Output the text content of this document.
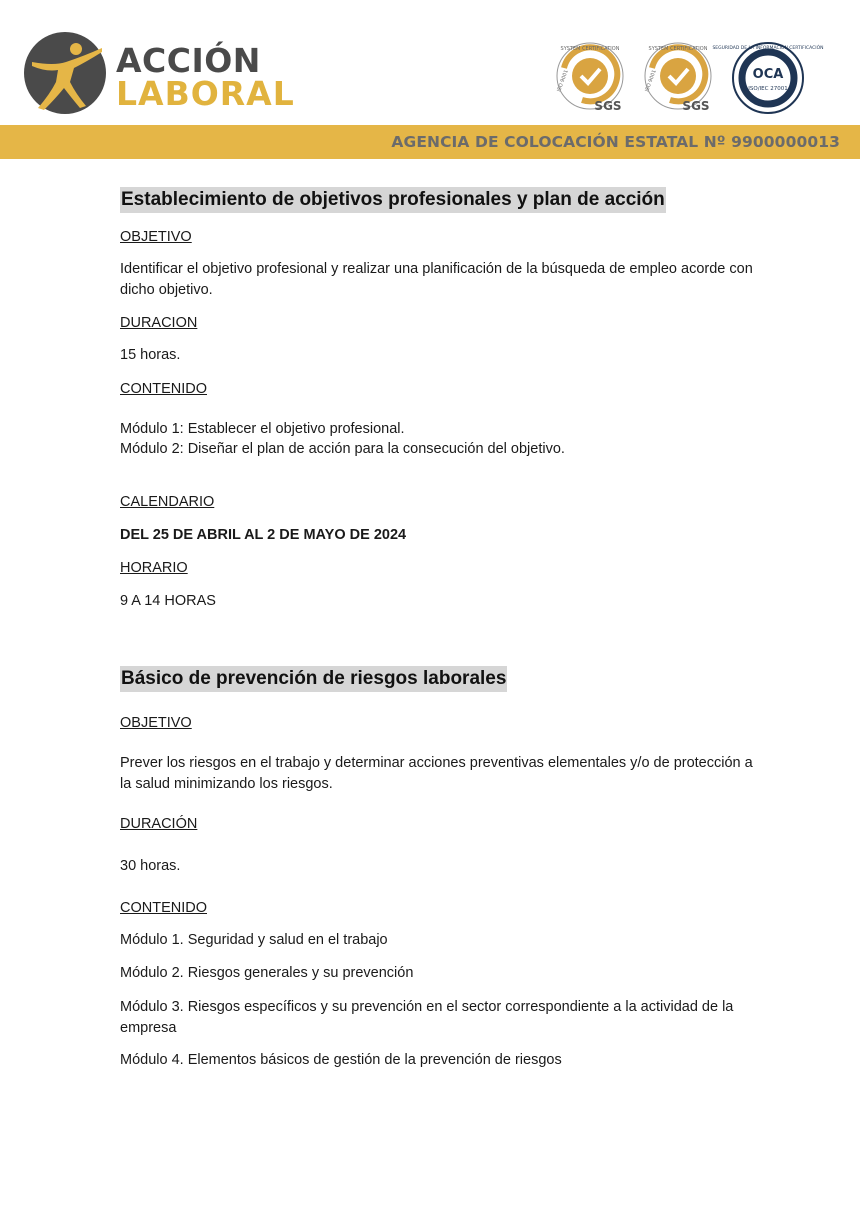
ACCIÓN
LABORAL
SYSTEM CERTIFICATION
ISO 9001
SGS
SYSTEM CERTIFICATION
ISO 9001
SGS
SEGURIDAD DE LA INFORMACIÓN CERTIFICACIÓN
OCA
ISO/IEC 27001
AGENCIA DE COLOCACIÓN ESTATAL Nº 9900000013
Establecimiento de objetivos profesionales y plan de acción
OBJETIVO
Identificar el objetivo profesional y realizar una planificación de la búsqueda de empleo acorde con dicho objetivo.
DURACION
15 horas.
CONTENIDO
Módulo 1: Establecer el objetivo profesional.
Módulo 2: Diseñar el plan de acción para la consecución del objetivo.
CALENDARIO
DEL 25 DE ABRIL AL 2 DE MAYO DE 2024
HORARIO
9 A 14 HORAS
Básico de prevención de riesgos laborales
OBJETIVO
Prever los riesgos en el trabajo y determinar acciones preventivas elementales y/o de protección a la salud minimizando los riesgos.
DURACIÓN
30 horas.
CONTENIDO
Módulo 1. Seguridad y salud en el trabajo
Módulo 2. Riesgos generales y su prevención
Módulo 3. Riesgos específicos y su prevención en el sector correspondiente a la actividad de la empresa
Módulo 4. Elementos básicos de gestión de la prevención de riesgos
